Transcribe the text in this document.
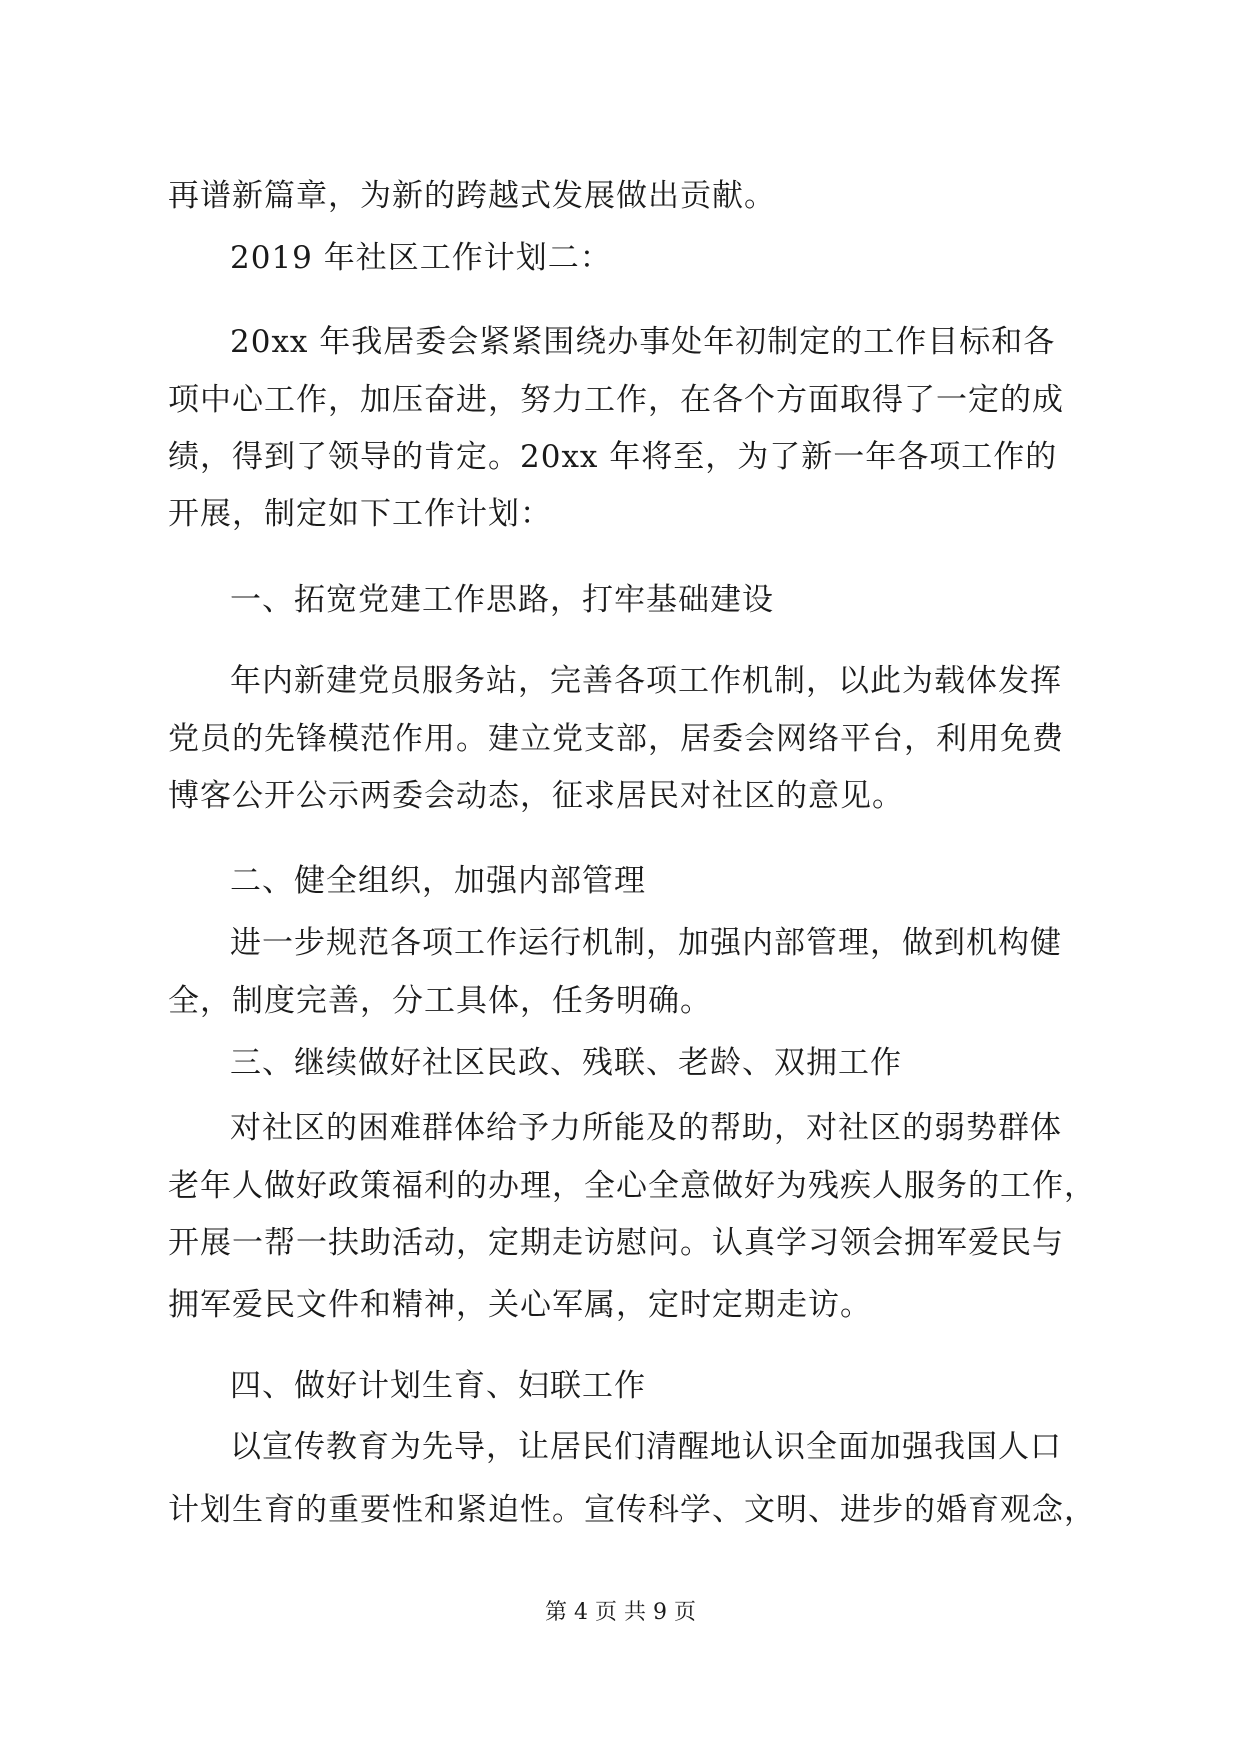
再谱新篇章，为新的跨越式发展做出贡献。
2019 年社区工作计划二：
20xx 年我居委会紧紧围绕办事处年初制定的工作目标和各
项中心工作，加压奋进，努力工作，在各个方面取得了一定的成
绩，得到了领导的肯定。20xx 年将至，为了新一年各项工作的
开展，制定如下工作计划：
一、拓宽党建工作思路，打牢基础建设
年内新建党员服务站，完善各项工作机制，以此为载体发挥
党员的先锋模范作用。建立党支部，居委会网络平台，利用免费
博客公开公示两委会动态，征求居民对社区的意见。
二、健全组织，加强内部管理
进一步规范各项工作运行机制，加强内部管理，做到机构健
全，制度完善，分工具体，任务明确。
三、继续做好社区民政、残联、老龄、双拥工作
对社区的困难群体给予力所能及的帮助，对社区的弱势群体
老年人做好政策福利的办理，全心全意做好为残疾人服务的工作，
开展一帮一扶助活动，定期走访慰问。认真学习领会拥军爱民与
拥军爱民文件和精神，关心军属，定时定期走访。
四、做好计划生育、妇联工作
以宣传教育为先导，让居民们清醒地认识全面加强我国人口
计划生育的重要性和紧迫性。宣传科学、文明、进步的婚育观念，
第 4 页 共 9 页
